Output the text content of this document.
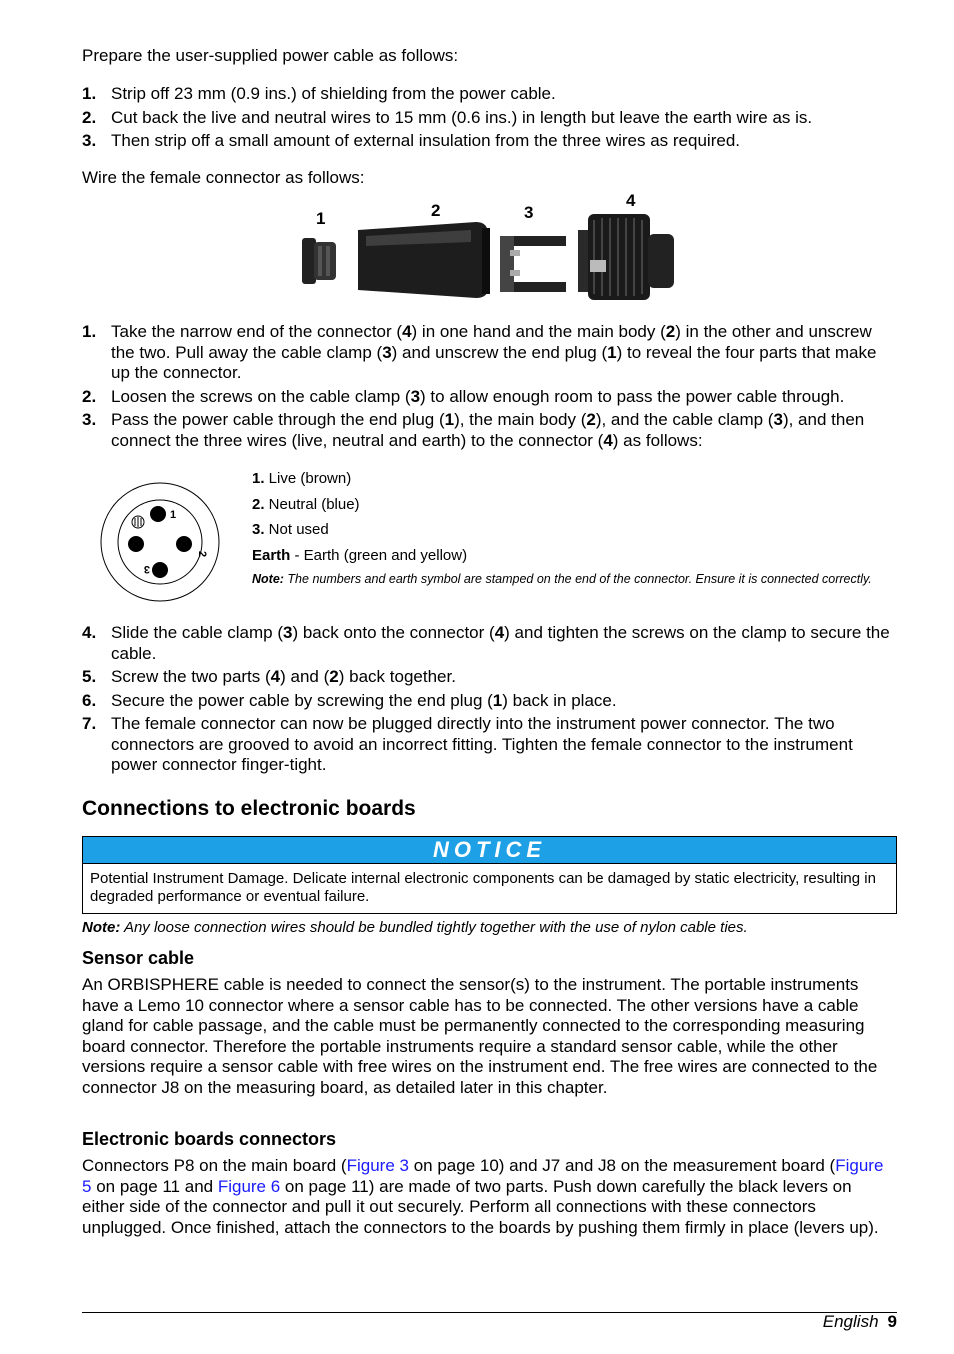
Prepare the user-supplied power cable as follows:

1. Strip off 23 mm (0.9 ins.) of shielding from the power cable.
2. Cut back the live and neutral wires to 15 mm (0.6 ins.) in length but leave the earth wire as is.
3. Then strip off a small amount of external insulation from the three wires as required.

Wire the female connector as follows:

1	2	3
4
1. Take the narrow end of the connector (4) in one hand and the main body (2) in the other and unscrew the two. Pull away the cable clamp (3) and unscrew the end plug (1) to reveal the four parts that make up the connector.
2. Loosen the screws on the cable clamp (3) to allow enough room to pass the power cable through.
3. Pass the power cable through the end plug (1), the main body (2), and the cable clamp (3), and then connect the three wires (live, neutral and earth) to the connector (4) as follows:
1
2
3
1. Live (brown)
2. Neutral (blue)
3. Not used
Earth - Earth (green and yellow)
Note: The numbers and earth symbol are stamped on the end of the connector. Ensure it is connected correctly.
4. Slide the cable clamp (3) back onto the connector (4) and tighten the screws on the clamp to secure the cable.
5. Screw the two parts (4) and (2) back together.
6. Secure the power cable by screwing the end plug (1) back in place.
7. The female connector can now be plugged directly into the instrument power connector. The two connectors are grooved to avoid an incorrect fitting. Tighten the female connector to the instrument power connector finger-tight.
Connections to electronic boards
NOTICE
Potential Instrument Damage. Delicate internal electronic components can be damaged by static electricity, resulting in degraded performance or eventual failure.

Note: Any loose connection wires should be bundled tightly together with the use of nylon cable ties.

Sensor cable

An ORBISPHERE cable is needed to connect the sensor(s) to the instrument. The portable instruments have a Lemo 10 connector where a sensor cable has to be connected. The other versions have a cable gland for cable passage, and the cable must be permanently connected to the corresponding measuring board connector. Therefore the portable instruments require a standard sensor cable, while the other versions require a sensor cable with free wires on the instrument end. The free wires are connected to the connector J8 on the measuring board, as detailed later in this chapter.

Electronic boards connectors

Connectors P8 on the main board (Figure 3 on page 10) and J7 and J8 on the measurement board (Figure 5 on page 11 and Figure 6 on page 11) are made of two parts. Push down carefully the black levers on either side of the connector and pull it out securely. Perform all connections with these connectors unplugged. Once finished, attach the connectors to the boards by pushing them firmly in place (levers up).

English 9
